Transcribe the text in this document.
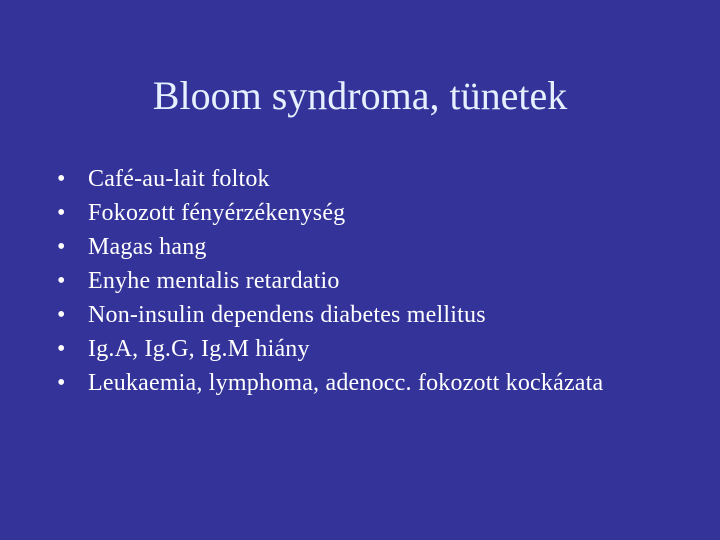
Bloom syndroma, tünetek
• Café-au-lait foltok
• Fokozott fényérzékenység
• Magas hang
• Enyhe mentalis retardatio
• Non-insulin dependens diabetes mellitus
• Ig.A, Ig.G, Ig.M hiány
• Leukaemia, lymphoma, adenocc. fokozott kockázata
